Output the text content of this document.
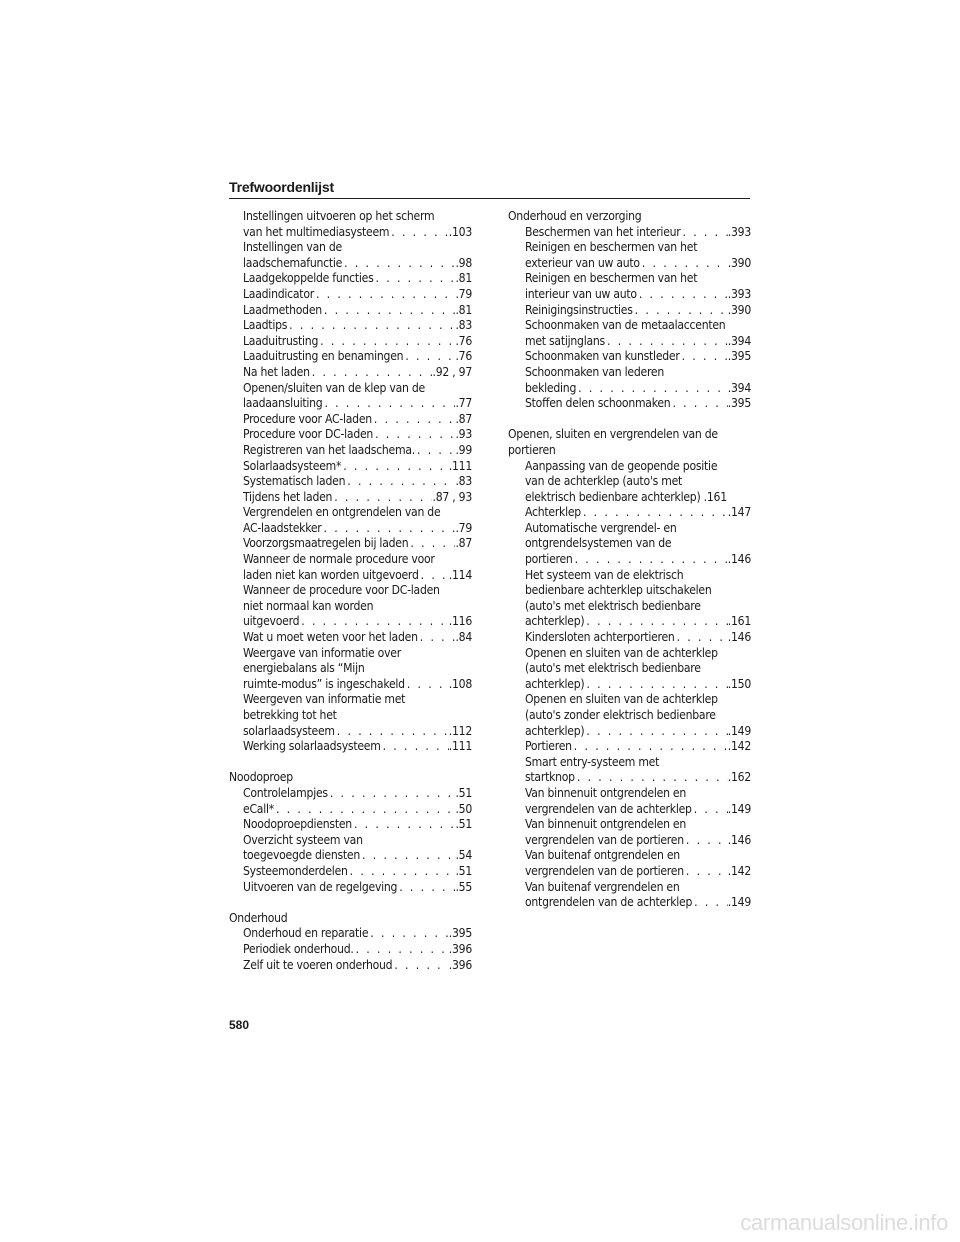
Trefwoordenlijst
Instellingen uitvoeren op het scherm
van het multimediasysteem . . .	.103
Instellingen van de
laadschemafunctie . . .	.98
Laadgekoppelde functies . . .	.81
Laadindicator . . .	.79
Laadmethoden . . .	.81
Laadtips . . .	.83
Laaduitrusting . . .	.76
Laaduitrusting en benamingen . . .	.76
Na het laden . . .	.92 , 97
Openen/sluiten van de klep van de
laadaansluiting . . .	.77
Procedure voor AC-laden . . .	.87
Procedure voor DC-laden . . .	.93
Registreren van het laadschema. . . .	.99
Solarlaadsysteem* . . .	.111
Systematisch laden . . .	.83
Tijdens het laden . . .	.87 , 93
Vergrendelen en ontgrendelen van de
AC-laadstekker . . .	.79
Voorzorgsmaatregelen bij laden . . .	.87
Wanneer de normale procedure voor
laden niet kan worden uitgevoerd . . . .114
Wanneer de procedure voor DC-laden
niet normaal kan worden
uitgevoerd . . .	.116
Wat u moet weten voor het laden . . .	.84
Weergave van informatie over
energiebalans als “Mijn
ruimte-modus” is ingeschakeld . . .	.108
Weergeven van informatie met
betrekking tot het
solarlaadsysteem . . .	.112
Werking solarlaadsysteem . . .	.111
Noodoproep
Controlelampjes . . .	.51
eCall* . . .	.50
Noodoproepdiensten . . .	.51
Overzicht systeem van
toegevoegde diensten . . .	.54
Systeemonderdelen . . .	.51
Uitvoeren van de regelgeving . . .	.55
Onderhoud
Onderhoud en reparatie . . .	.395
Periodiek onderhoud. . . .	.396
Zelf uit te voeren onderhoud . . .	.396
Onderhoud en verzorging
Beschermen van het interieur . . .	.393
Reinigen en beschermen van het
exterieur van uw auto . . .	.390
Reinigen en beschermen van het
interieur van uw auto . . .	.393
Reinigingsinstructies . . .	.390
Schoonmaken van de metaalaccenten
met satijnglans . . .	.394
Schoonmaken van kunstleder . . .	.395
Schoonmaken van lederen
bekleding . . .	.394
Stoffen delen schoonmaken . . .	.395
Openen, sluiten en vergrendelen van de
portieren
Aanpassing van de geopende positie
van de achterklep (auto's met
elektrisch bedienbare achterklep) .161
Achterklep . . .	.147
Automatische vergrendel- en
ontgrendelsystemen van de
portieren . . .	.146
Het systeem van de elektrisch
bedienbare achterklep uitschakelen
(auto's met elektrisch bedienbare
achterklep) . . .	.161
Kindersloten achterportieren . . .	.146
Openen en sluiten van de achterklep
(auto's met elektrisch bedienbare
achterklep) . . .	.150
Openen en sluiten van de achterklep
(auto's zonder elektrisch bedienbare
achterklep) . . .	.149
Portieren . . .	.142
Smart entry-systeem met
startknop . . .	.162
Van binnenuit ontgrendelen en
vergrendelen van de achterklep . . .	.149
Van binnenuit ontgrendelen en
vergrendelen van de portieren . . .	.146
Van buitenaf ontgrendelen en
vergrendelen van de portieren . . .	.142
Van buitenaf vergrendelen en
ontgrendelen van de achterklep . . .	.149
580
carmanualsonline.info
